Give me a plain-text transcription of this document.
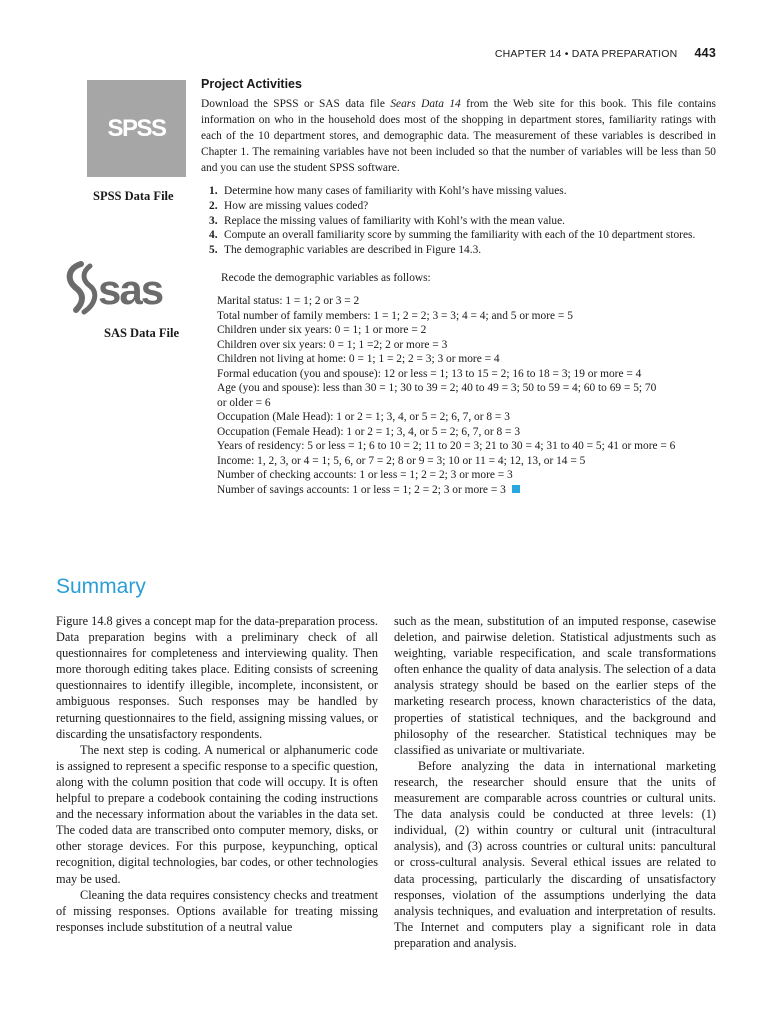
CHAPTER 14 • DATA PREPARATION 443
SPSS
SPSS Data File
sas
SAS Data File
Project Activities
Download the SPSS or SAS data file Sears Data 14 from the Web site for this book. This file contains information on who in the household does most of the shopping in department stores, familiarity ratings with each of the 10 department stores, and demographic data. The measurement of these variables is described in Chapter 1. The remaining variables have not been included so that the number of variables will be less than 50 and you can use the student SPSS software.
1. Determine how many cases of familiarity with Kohl’s have missing values.
2. How are missing values coded?
3. Replace the missing values of familiarity with Kohl’s with the mean value.
4. Compute an overall familiarity score by summing the familiarity with each of the 10 department stores.
5. The demographic variables are described in Figure 14.3.
Recode the demographic variables as follows:
Marital status: 1 = 1; 2 or 3 = 2
Total number of family members: 1 = 1; 2 = 2; 3 = 3; 4 = 4; and 5 or more = 5
Children under six years: 0 = 1; 1 or more = 2
Children over six years: 0 = 1; 1 =2; 2 or more = 3
Children not living at home: 0 = 1; 1 = 2; 2 = 3; 3 or more = 4
Formal education (you and spouse): 12 or less = 1; 13 to 15 = 2; 16 to 18 = 3; 19 or more = 4
Age (you and spouse): less than 30 = 1; 30 to 39 = 2; 40 to 49 = 3; 50 to 59 = 4; 60 to 69 = 5; 70
or older = 6
Occupation (Male Head): 1 or 2 = 1; 3, 4, or 5 = 2; 6, 7, or 8 = 3
Occupation (Female Head): 1 or 2 = 1; 3, 4, or 5 = 2; 6, 7, or 8 = 3
Years of residency: 5 or less = 1; 6 to 10 = 2; 11 to 20 = 3; 21 to 30 = 4; 31 to 40 = 5; 41 or more = 6
Income: 1, 2, 3, or 4 = 1; 5, 6, or 7 = 2; 8 or 9 = 3; 10 or 11 = 4; 12, 13, or 14 = 5
Number of checking accounts: 1 or less = 1; 2 = 2; 3 or more = 3
Number of savings accounts: 1 or less = 1; 2 = 2; 3 or more = 3
Summary

Figure 14.8 gives a concept map for the data-preparation process. Data preparation begins with a preliminary check of all questionnaires for completeness and interviewing quality. Then more thorough editing takes place. Editing consists of screening questionnaires to identify illegible, incomplete, inconsistent, or ambiguous responses. Such responses may be handled by returning questionnaires to the field, assigning missing values, or discarding the unsatisfactory respondents.

The next step is coding. A numerical or alphanumeric code is assigned to represent a specific response to a specific question, along with the column position that code will occupy. It is often helpful to prepare a codebook containing the coding instructions and the necessary information about the variables in the data set. The coded data are transcribed onto computer memory, disks, or other storage devices. For this purpose, keypunching, optical recognition, digital technologies, bar codes, or other technologies may be used.

Cleaning the data requires consistency checks and treatment of missing responses. Options available for treating missing responses include substitution of a neutral value

such as the mean, substitution of an imputed response, casewise deletion, and pairwise deletion. Statistical adjustments such as weighting, variable respecification, and scale transformations often enhance the quality of data analysis. The selection of a data analysis strategy should be based on the earlier steps of the marketing research process, known characteristics of the data, properties of statistical techniques, and the background and philosophy of the researcher. Statistical techniques may be classified as univariate or multivariate.

Before analyzing the data in international marketing research, the researcher should ensure that the units of measurement are comparable across countries or cultural units. The data analysis could be conducted at three levels: (1) individual, (2) within country or cultural unit (intracultural analysis), and (3) across countries or cultural units: pancultural or cross-cultural analysis. Several ethical issues are related to data processing, particularly the discarding of unsatisfactory responses, violation of the assumptions underlying the data analysis techniques, and evaluation and interpretation of results. The Internet and computers play a significant role in data preparation and analysis.
